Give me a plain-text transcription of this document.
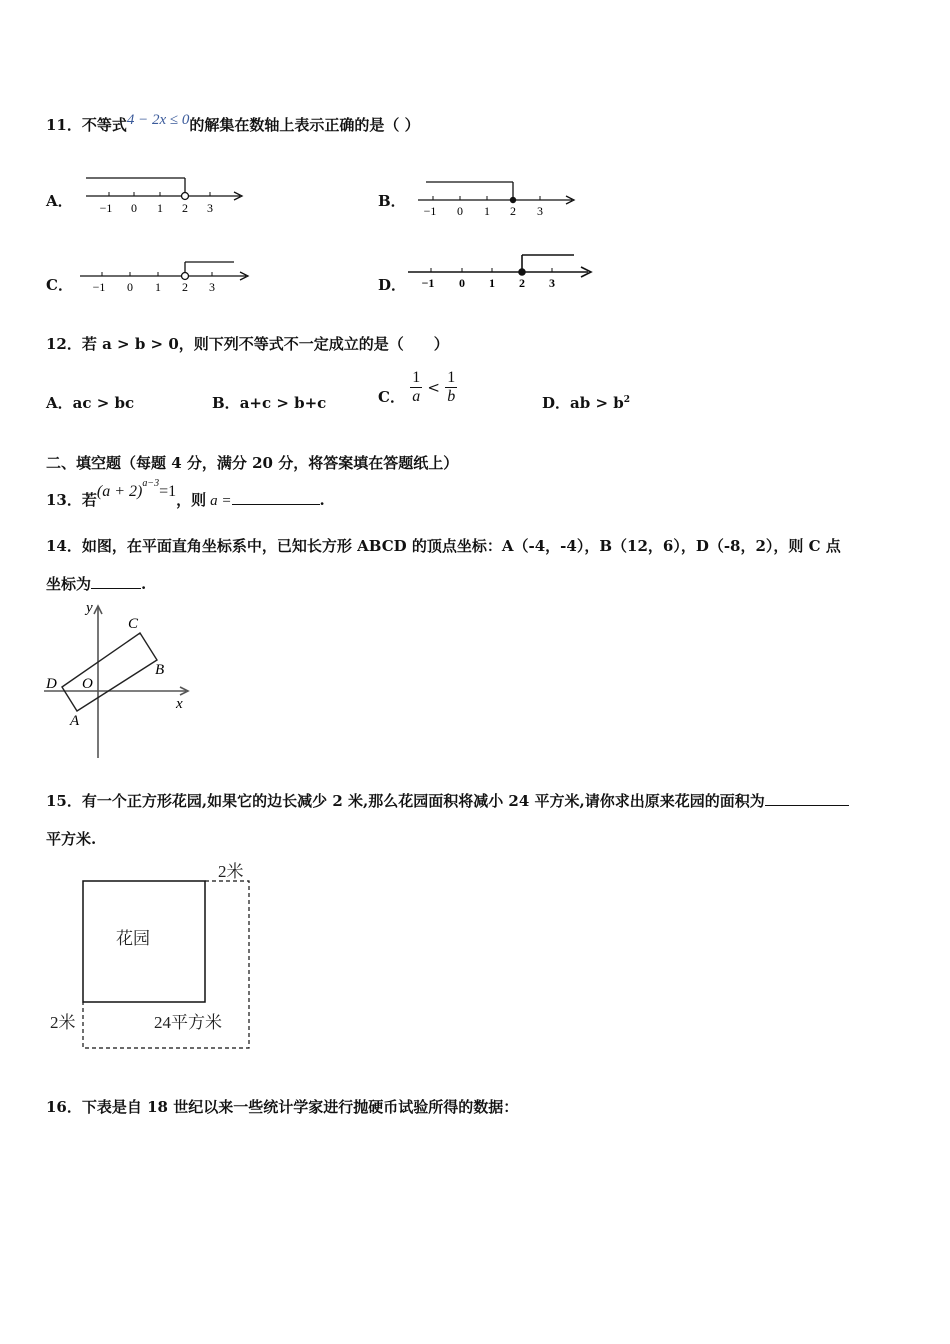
11．不等式4 − 2x ≤ 0的解集在数轴上表示正确的是（ ）
A． −1 0 1 2 3	B．
−1 0 1 2 3
C． −1 0 1 2 3	D． −1 0 1 2 3
12．若 a > b > 0，则下列不等式不一定成立的是（　　）
A．ac > bc	B．a+c > b+c	C． $\frac{1}{a} < \frac{1}{b}$	D．ab > $b^2$
二、填空题（每题 4 分，满分 20 分，将答案填在答题纸上）
13．若$(a + 2)^{a-3}=1$，则 a =	.
14．如图，在平面直角坐标系中，已知长方形 ABCD 的顶点坐标：A（-4，-4），B（12，6），D（-8，2），则 C 点
坐标为	.
y
x
O
A
B
C
D
15．有一个正方形花园,如果它的边长减少 2 米,那么花园面积将减小 24 平方米,请你求出原来花园的面积为
平方米.
花园
2米
2米	24平方米
16．下表是自 18 世纪以来一些统计学家进行抛硬币试验所得的数据：
